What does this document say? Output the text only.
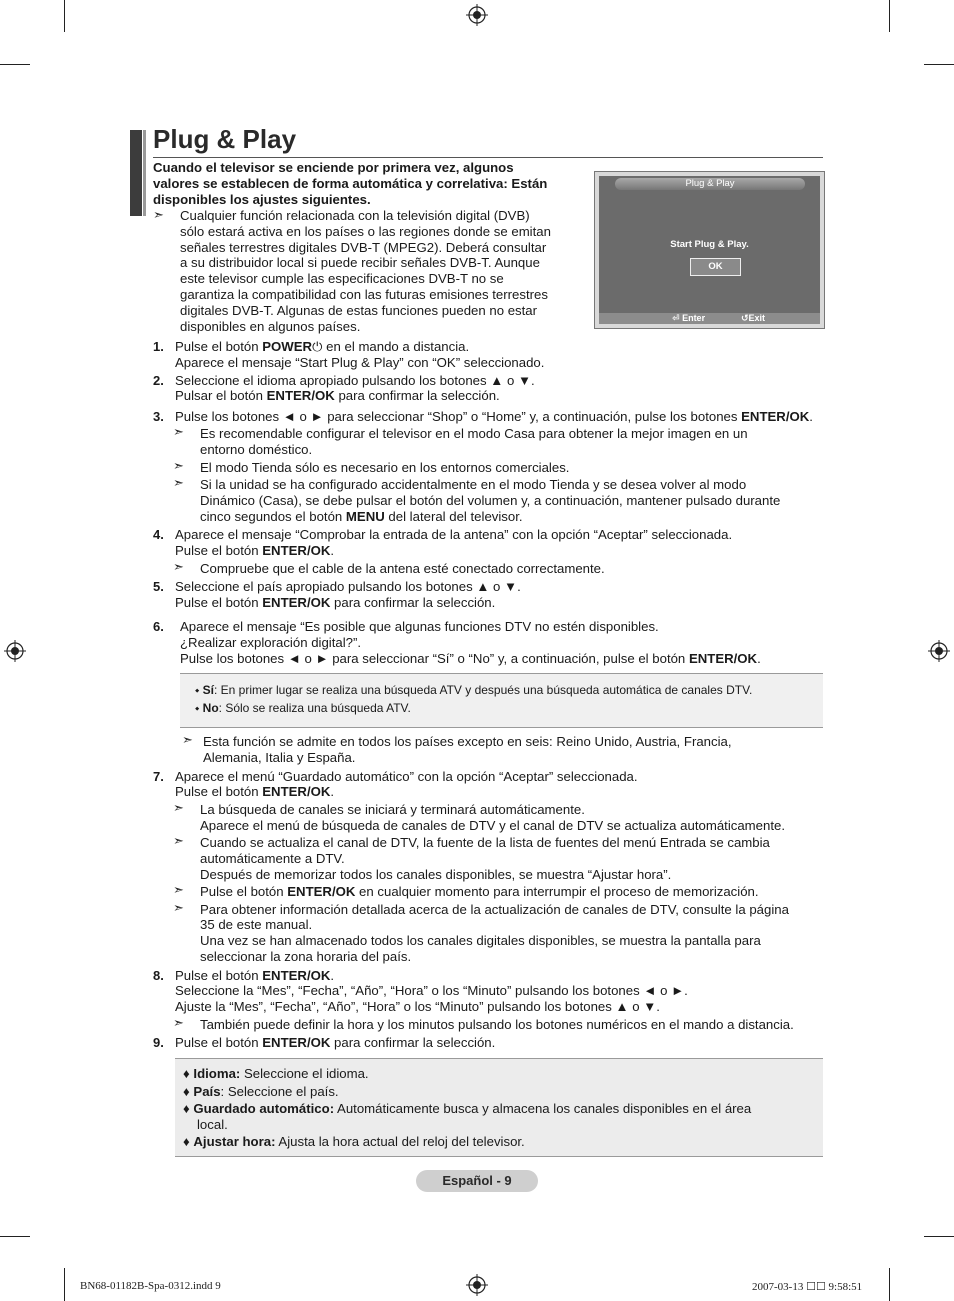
Plug & Play
Cuando el televisor se enciende por primera vez, algunos
valores se establecen de forma automática y correlativa: Están
disponibles los ajustes siguientes.
➣ Cualquier función relacionada con la televisión digital (DVB)
sólo estará activa en los países o las regiones donde se emitan
señales terrestres digitales DVB-T (MPEG2). Deberá consultar
a su distribuidor local si puede recibir señales DVB-T. Aunque
este televisor cumple las especificaciones DVB-T no se
garantiza la compatibilidad con las futuras emisiones terrestres
digitales DVB-T. Algunas de estas funciones pueden no estar
disponibles en algunos países.
Plug & Play
Start Plug & Play.
OK
⏎ Enter	↺Exit
1. Pulse el botón POWER⏻ en el mando a distancia.
Aparece el mensaje “Start Plug & Play” con “OK” seleccionado.
2. Seleccione el idioma apropiado pulsando los botones ▲ o ▼.
Pulsar el botón ENTER/OK para confirmar la selección.
3. Pulse los botones ◄ o ► para seleccionar “Shop” o “Home” y, a continuación, pulse los botones ENTER/OK.
➣ Es recomendable configurar el televisor en el modo Casa para obtener la mejor imagen en un
entorno doméstico.
➣ El modo Tienda sólo es necesario en los entornos comerciales.
➣ Si la unidad se ha configurado accidentalmente en el modo Tienda y se desea volver al modo
Dinámico (Casa), se debe pulsar el botón del volumen y, a continuación, mantener pulsado durante
cinco segundos el botón MENU del lateral del televisor.
4. Aparece el mensaje “Comprobar la entrada de la antena” con la opción “Aceptar” seleccionada.
Pulse el botón ENTER/OK.
➣ Compruebe que el cable de la antena esté conectado correctamente.
5. Seleccione el país apropiado pulsando los botones ▲ o ▼.
Pulse el botón ENTER/OK para confirmar la selección.
6. Aparece el mensaje “Es posible que algunas funciones DTV no estén disponibles.
¿Realizar exploración digital?”.
Pulse los botones ◄ o ► para seleccionar “Sí” o “No” y, a continuación, pulse el botón ENTER/OK.
⬩ Sí: En primer lugar se realiza una búsqueda ATV y después una búsqueda automática de canales DTV.
⬩ No: Sólo se realiza una búsqueda ATV.
➣ Esta función se admite en todos los países excepto en seis: Reino Unido, Austria, Francia,
Alemania, Italia y España.
7. Aparece el menú “Guardado automático” con la opción “Aceptar” seleccionada.
Pulse el botón ENTER/OK.
➣ La búsqueda de canales se iniciará y terminará automáticamente.
Aparece el menú de búsqueda de canales de DTV y el canal de DTV se actualiza automáticamente.
➣ Cuando se actualiza el canal de DTV, la fuente de la lista de fuentes del menú Entrada se cambia
automáticamente a DTV.
Después de memorizar todos los canales disponibles, se muestra “Ajustar hora”.
➣ Pulse el botón ENTER/OK en cualquier momento para interrumpir el proceso de memorización.
➣ Para obtener información detallada acerca de la actualización de canales de DTV, consulte la página
35 de este manual.
Una vez se han almacenado todos los canales digitales disponibles, se muestra la pantalla para
seleccionar la zona horaria del país.
8. Pulse el botón ENTER/OK.
Seleccione la “Mes”, “Fecha”, “Año”, “Hora” o los “Minuto” pulsando los botones ◄ o ►.
Ajuste la “Mes”, “Fecha”, “Año”, “Hora” o los “Minuto” pulsando los botones ▲ o ▼.
➣ También puede definir la hora y los minutos pulsando los botones numéricos en el mando a distancia.
9. Pulse el botón ENTER/OK para confirmar la selección.
♦ Idioma: Seleccione el idioma.
♦ País: Seleccione el país.
♦ Guardado automático: Automáticamente busca y almacena los canales disponibles en el área
local.
♦ Ajustar hora: Ajusta la hora actual del reloj del televisor.
Español - 9
BN68-01182B-Spa-0312.indd 9	2007-03-13 ☐☐ 9:58:51
